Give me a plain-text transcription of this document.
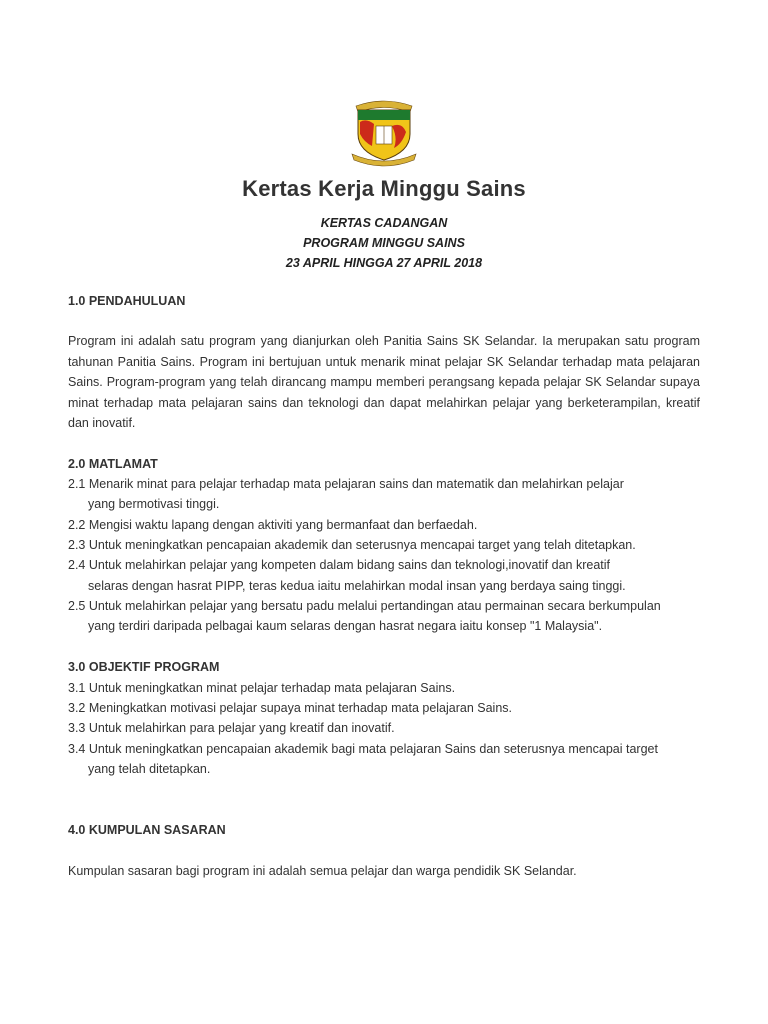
Kertas Kerja Minggu Sains
KERTAS CADANGAN
PROGRAM MINGGU SAINS
23 APRIL HINGGA 27 APRIL 2018
1.0 PENDAHULUAN
Program ini adalah satu program yang dianjurkan oleh Panitia Sains SK Selandar. Ia merupakan satu program tahunan Panitia Sains. Program ini bertujuan untuk menarik minat pelajar SK Selandar terhadap mata pelajaran Sains. Program-program yang telah dirancang mampu memberi perangsang kepada pelajar SK Selandar supaya minat terhadap mata pelajaran sains dan teknologi dan dapat melahirkan pelajar yang berketerampilan, kreatif dan inovatif.
2.0 MATLAMAT
2.1 Menarik minat para pelajar terhadap mata pelajaran sains dan matematik dan melahirkan pelajar
yang bermotivasi tinggi.
2.2 Mengisi waktu lapang dengan aktiviti yang bermanfaat dan berfaedah.
2.3 Untuk meningkatkan pencapaian akademik dan seterusnya mencapai target yang telah ditetapkan.
2.4 Untuk melahirkan pelajar yang kompeten dalam bidang sains dan teknologi,inovatif dan kreatif
selaras dengan hasrat PIPP, teras kedua iaitu melahirkan modal insan yang berdaya saing tinggi.
2.5 Untuk melahirkan pelajar yang bersatu padu melalui pertandingan atau permainan secara berkumpulan
yang terdiri daripada pelbagai kaum selaras dengan hasrat negara iaitu konsep "1 Malaysia".
3.0 OBJEKTIF PROGRAM
3.1 Untuk meningkatkan minat pelajar terhadap mata pelajaran Sains.
3.2 Meningkatkan motivasi pelajar supaya minat terhadap mata pelajaran Sains.
3.3 Untuk melahirkan para pelajar yang kreatif dan inovatif.
3.4 Untuk meningkatkan pencapaian akademik bagi mata pelajaran Sains dan seterusnya mencapai target
yang telah ditetapkan.
4.0 KUMPULAN SASARAN
Kumpulan sasaran bagi program ini adalah semua pelajar dan warga pendidik SK Selandar.
